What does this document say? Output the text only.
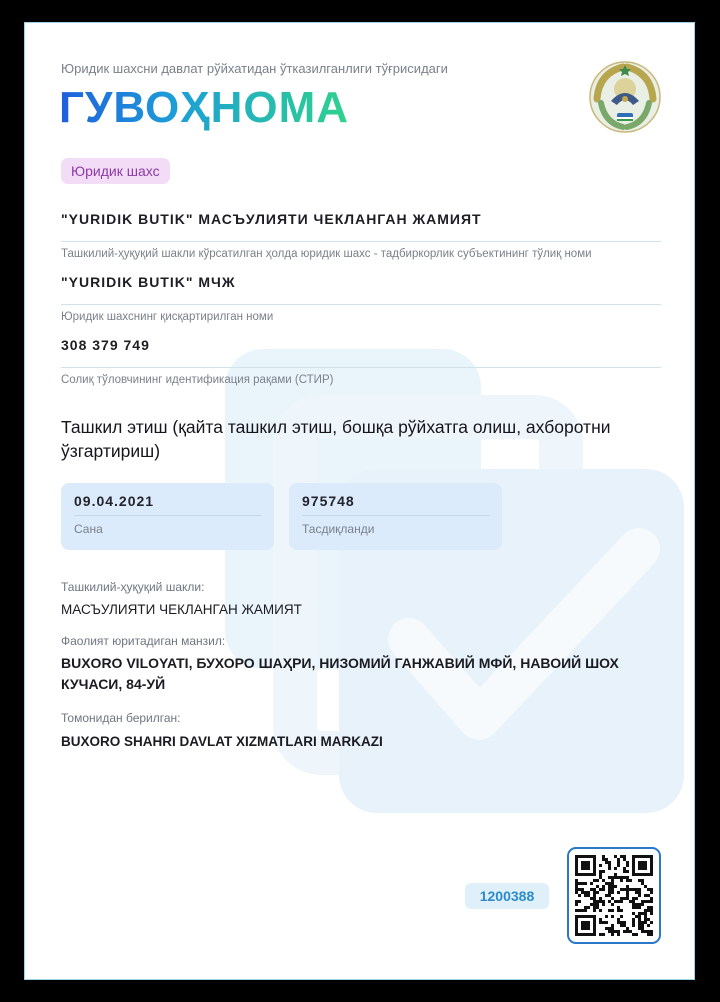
Юридик шахсни давлат рўйхатидан ўтказилганлиги тўғрисидаги
ГУВОҲНОМА
Юридик шахс
"YURIDIK BUTIK" МАСЪУЛИЯТИ ЧЕКЛАНГАН ЖАМИЯТ
Ташкилий-ҳуқуқий шакли кўрсатилган ҳолда юридик шахс - тадбиркорлик субъектининг тўлиқ номи
"YURIDIK BUTIK" МЧЖ
Юридик шахснинг қисқартирилган номи
308 379 749
Солиқ тўловчининг идентификация рақами (СТИР)
Ташкил этиш (қайта ташкил этиш, бошқа рўйхатга олиш, ахборотни ўзгартириш)
09.04.2021
Сана
975748
Тасдиқланди
Ташкилий-ҳуқуқий шакли:
МАСЪУЛИЯТИ ЧЕКЛАНГАН ЖАМИЯТ
Фаолият юритадиган манзил:
BUXORO VILOYATI, БУХОРО ШАҲРИ, НИЗОМИЙ ГАНЖАВИЙ МФЙ, НАВОИЙ ШОХ КУЧАСИ, 84-УЙ
Томонидан берилган:
BUXORO SHAHRI DAVLAT XIZMATLARI MARKAZI
1200388
